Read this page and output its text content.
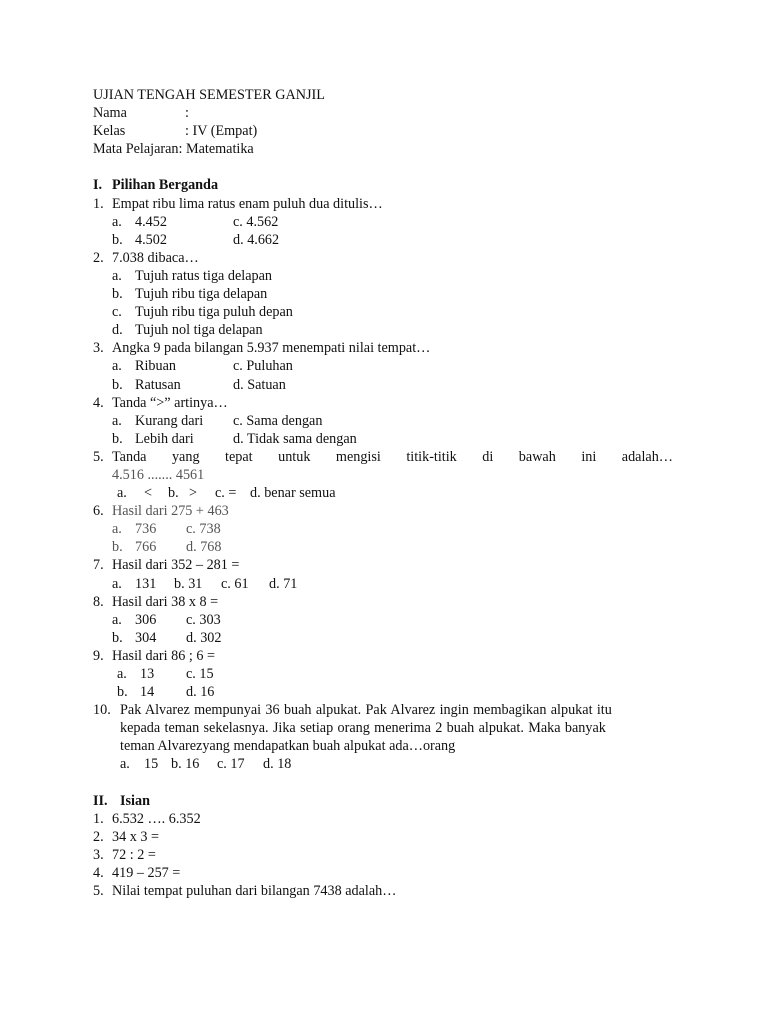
UJIAN TENGAH SEMESTER GANJIL
Nama	:
Kelas	: IV (Empat)
Mata Pelajaran: Matematika
I. Pilihan Berganda
1. Empat ribu lima ratus enam puluh dua ditulis…
a. 4.452	c. 4.562
b. 4.502	d. 4.662
2. 7.038 dibaca…
a. Tujuh ratus tiga delapan
b. Tujuh ribu tiga delapan
c. Tujuh ribu tiga puluh depan
d. Tujuh nol tiga delapan
3. Angka 9 pada bilangan 5.937 menempati nilai tempat…
a. Ribuan	c. Puluhan
b. Ratusan	d. Satuan
4. Tanda “>” artinya…
a. Kurang dari c. Sama dengan
b. Lebih dari	d. Tidak sama dengan
5. Tanda yang tepat untuk mengisi titik-titik di bawah ini adalah…
4.516 ....... 4561
a. < b. > c. = d. benar semua
6. Hasil dari 275 + 463
a. 736 c. 738
b. 766 d. 768
7. Hasil dari 352 – 281 =
a. 131 b. 31 c. 61 d. 71
8. Hasil dari 38 x 8 =
a. 306 c. 303
b. 304 d. 302
9. Hasil dari 86 ; 6 =
a. 13 c. 15
b. 14 d. 16
10. Pak Alvarez mempunyai 36 buah alpukat. Pak Alvarez ingin membagikan alpukat itu
kepada teman sekelasnya. Jika setiap orang menerima 2 buah alpukat. Maka banyak
teman Alvarezyang mendapatkan buah alpukat ada…orang
a. 15 b. 16 c. 17 d. 18
II. Isian
1. 6.532 …. 6.352
2. 34 x 3 =
3. 72 : 2 =
4. 419 – 257 =
5. Nilai tempat puluhan dari bilangan 7438 adalah…
